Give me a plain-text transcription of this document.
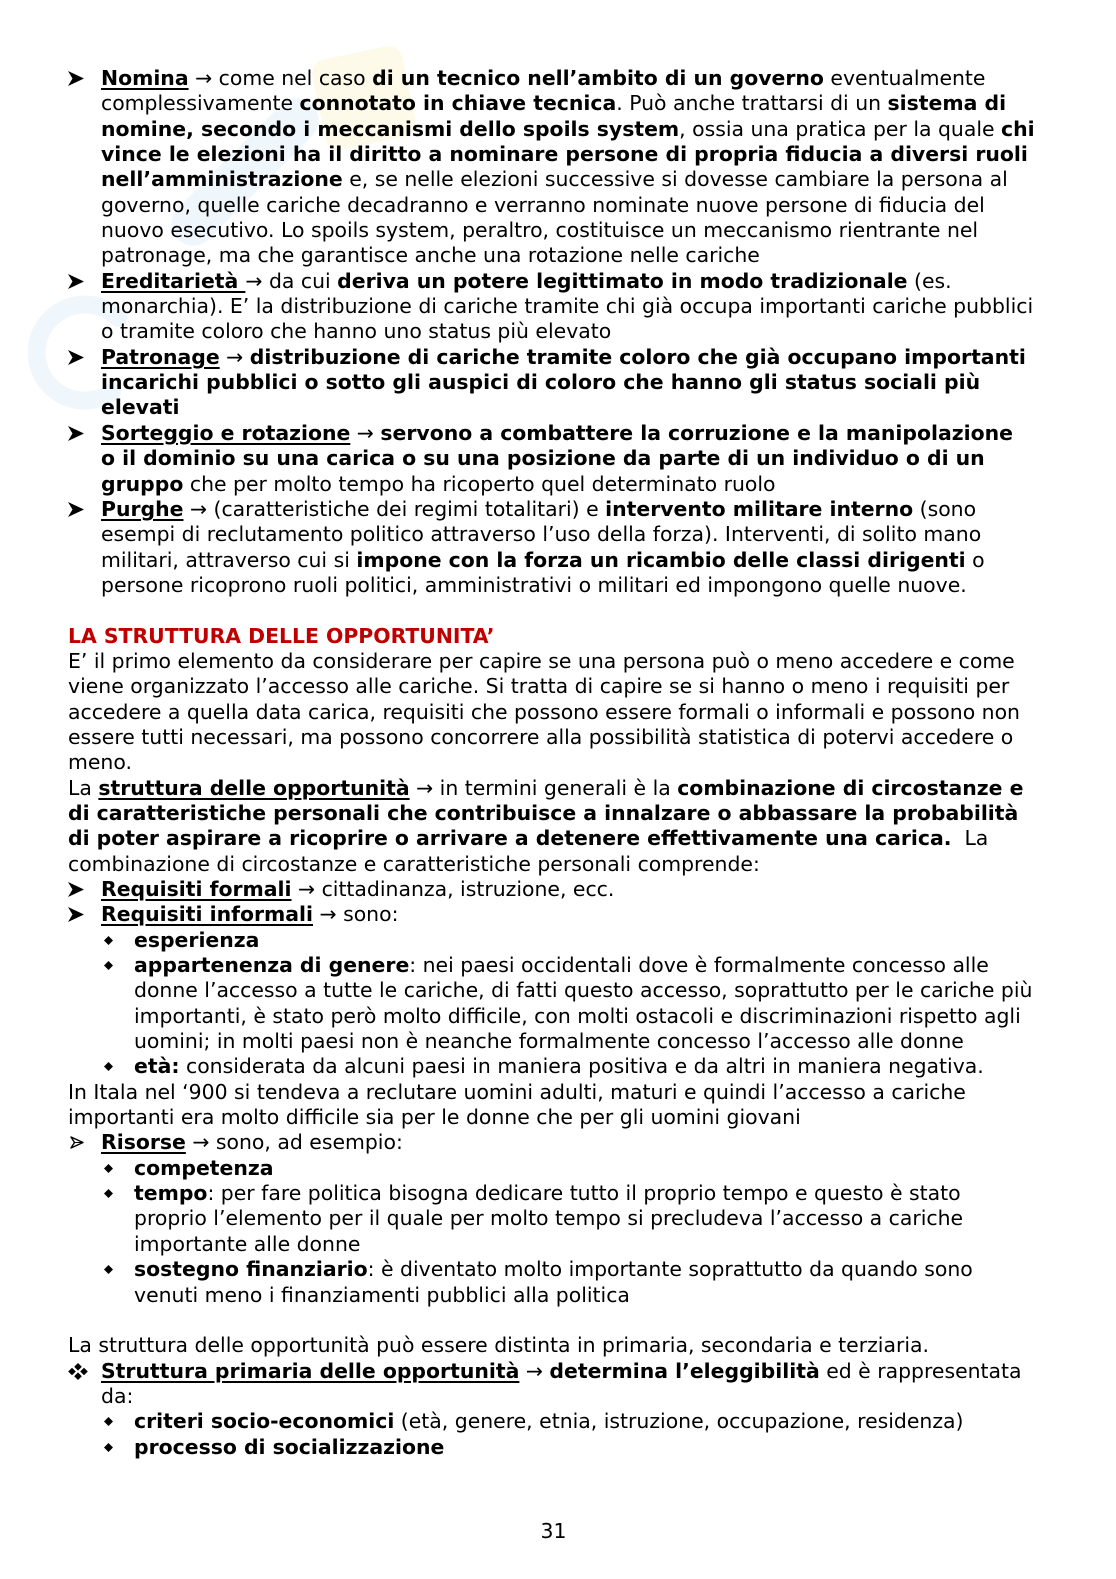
Nomina → come nel caso di un tecnico nell’ambito di un governo eventualmente
complessivamente connotato in chiave tecnica. Può anche trattarsi di un sistema di
nomine, secondo i meccanismi dello spoils system, ossia una pratica per la quale chi
vince le elezioni ha il diritto a nominare persone di propria fiducia a diversi ruoli
nell’amministrazione e, se nelle elezioni successive si dovesse cambiare la persona al
governo, quelle cariche decadranno e verranno nominate nuove persone di fiducia del
nuovo esecutivo. Lo spoils system, peraltro, costituisce un meccanismo rientrante nel
patronage, ma che garantisce anche una rotazione nelle cariche
Ereditarietà → da cui deriva un potere legittimato in modo tradizionale (es.
monarchia). E’ la distribuzione di cariche tramite chi già occupa importanti cariche pubblici
o tramite coloro che hanno uno status più elevato
Patronage → distribuzione di cariche tramite coloro che già occupano importanti
incarichi pubblici o sotto gli auspici di coloro che hanno gli status sociali più
elevati
Sorteggio e rotazione → servono a combattere la corruzione e la manipolazione
o il dominio su una carica o su una posizione da parte di un individuo o di un
gruppo che per molto tempo ha ricoperto quel determinato ruolo
Purghe → (caratteristiche dei regimi totalitari) e intervento militare interno (sono
esempi di reclutamento politico attraverso l’uso della forza). Interventi, di solito mano
militari, attraverso cui si impone con la forza un ricambio delle classi dirigenti o
persone ricoprono ruoli politici, amministrativi o militari ed impongono quelle nuove.
LA STRUTTURA DELLE OPPORTUNITA’
E’ il primo elemento da considerare per capire se una persona può o meno accedere e come
viene organizzato l’accesso alle cariche. Si tratta di capire se si hanno o meno i requisiti per
accedere a quella data carica, requisiti che possono essere formali o informali e possono non
essere tutti necessari, ma possono concorrere alla possibilità statistica di potervi accedere o
meno.
La struttura delle opportunità → in termini generali è la combinazione di circostanze e
di caratteristiche personali che contribuisce a innalzare o abbassare la probabilità
di poter aspirare a ricoprire o arrivare a detenere effettivamente una carica.  La
combinazione di circostanze e caratteristiche personali comprende:
Requisiti formali → cittadinanza, istruzione, ecc.
Requisiti informali → sono:
esperienza
appartenenza di genere: nei paesi occidentali dove è formalmente concesso alle
donne l’accesso a tutte le cariche, di fatti questo accesso, soprattutto per le cariche più
importanti, è stato però molto difficile, con molti ostacoli e discriminazioni rispetto agli
uomini; in molti paesi non è neanche formalmente concesso l’accesso alle donne
età: considerata da alcuni paesi in maniera positiva e da altri in maniera negativa.
In Itala nel ‘900 si tendeva a reclutare uomini adulti, maturi e quindi l’accesso a cariche
importanti era molto difficile sia per le donne che per gli uomini giovani
Risorse → sono, ad esempio:
competenza
tempo: per fare politica bisogna dedicare tutto il proprio tempo e questo è stato
proprio l’elemento per il quale per molto tempo si precludeva l’accesso a cariche
importante alle donne
sostegno finanziario: è diventato molto importante soprattutto da quando sono
venuti meno i finanziamenti pubblici alla politica
La struttura delle opportunità può essere distinta in primaria, secondaria e terziaria.
Struttura primaria delle opportunità → determina l’eleggibilità ed è rappresentata
da:
criteri socio-economici (età, genere, etnia, istruzione, occupazione, residenza)
processo di socializzazione
31
